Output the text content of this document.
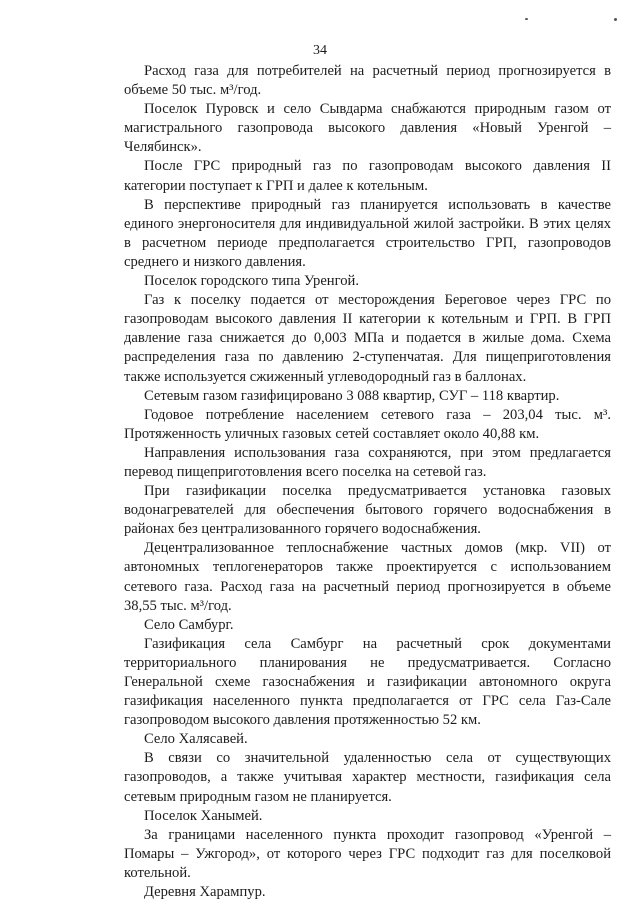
34

Расход газа для потребителей на расчетный период прогнозируется в объеме 50 тыс. м³/год.

Поселок Пуровск и село Сывдарма снабжаются природным газом от магистрального газопровода высокого давления «Новый Уренгой – Челябинск».

После ГРС природный газ по газопроводам высокого давления II категории поступает к ГРП и далее к котельным.

В перспективе природный газ планируется использовать в качестве единого энергоносителя для индивидуальной жилой застройки. В этих целях в расчетном периоде предполагается строительство ГРП, газопроводов среднего и низкого давления.

Поселок городского типа Уренгой.

Газ к поселку подается от месторождения Береговое через ГРС по газопроводам высокого давления II категории к котельным и ГРП. В ГРП давление газа снижается до 0,003 МПа и подается в жилые дома. Схема распределения газа по давлению 2-ступенчатая. Для пищеприготовления также используется сжиженный углеводородный газ в баллонах.

Сетевым газом газифицировано 3 088 квартир, СУГ – 118 квартир.

Годовое потребление населением сетевого газа – 203,04 тыс. м³. Протяженность уличных газовых сетей составляет около 40,88 км.

Направления использования газа сохраняются, при этом предлагается перевод пищеприготовления всего поселка на сетевой газ.

При газификации поселка предусматривается установка газовых водонагревателей для обеспечения бытового горячего водоснабжения в районах без централизованного горячего водоснабжения.

Децентрализованное теплоснабжение частных домов (мкр. VII) от автономных теплогенераторов также проектируется с использованием сетевого газа. Расход газа на расчетный период прогнозируется в объеме 38,55 тыс. м³/год.

Село Самбург.

Газификация села Самбург на расчетный срок документами территориального планирования не предусматривается. Согласно Генеральной схеме газоснабжения и газификации автономного округа газификация населенного пункта предполагается от ГРС села Газ-Сале газопроводом высокого давления протяженностью 52 км.

Село Халясавей.

В связи со значительной удаленностью села от существующих газопроводов, а также учитывая характер местности, газификация села сетевым природным газом не планируется.

Поселок Ханымей.

За границами населенного пункта проходит газопровод «Уренгой – Помары – Ужгород», от которого через ГРС подходит газ для поселковой котельной.

Деревня Харампур.
